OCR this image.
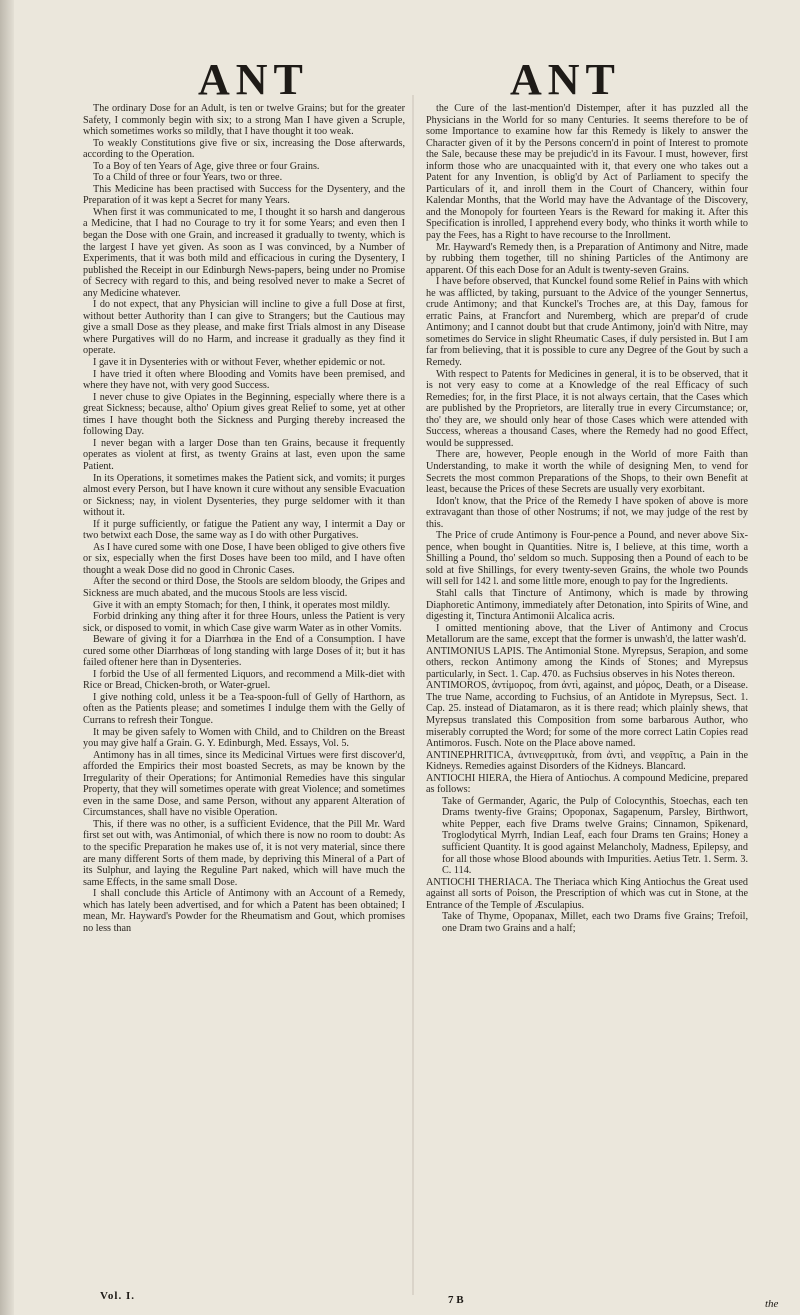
ANT	ANT

The ordinary Dose for an Adult, is ten or twelve Grains; but for the greater Safety, I commonly begin with six; to a strong Man I have given a Scruple, which sometimes works so mildly, that I have thought it too weak.

To weakly Constitutions give five or six, increasing the Dose afterwards, according to the Operation.

To a Boy of ten Years of Age, give three or four Grains.

To a Child of three or four Years, two or three.

This Medicine has been practised with Success for the Dysentery, and the Preparation of it was kept a Secret for many Years.

When first it was communicated to me, I thought it so harsh and dangerous a Medicine, that I had no Courage to try it for some Years; and even then I began the Dose with one Grain, and increased it gradually to twenty, which is the largest I have yet given. As soon as I was convinced, by a Number of Experiments, that it was both mild and efficacious in curing the Dysentery, I published the Receipt in our Edinburgh News-papers, being under no Promise of Secrecy with regard to this, and being resolved never to make a Secret of any Medicine whatever.

I do not expect, that any Physician will incline to give a full Dose at first, without better Authority than I can give to Strangers; but the Cautious may give a small Dose as they please, and make first Trials almost in any Disease where Purgatives will do no Harm, and increase it gradually as they find it operate.

I gave it in Dysenteries with or without Fever, whether epidemic or not.

I have tried it often where Blooding and Vomits have been premised, and where they have not, with very good Success.

I never chuse to give Opiates in the Beginning, especially where there is a great Sickness; because, altho' Opium gives great Relief to some, yet at other times I have thought both the Sickness and Purging thereby increased the following Day.

I never began with a larger Dose than ten Grains, because it frequently operates as violent at first, as twenty Grains at last, even upon the same Patient.

In its Operations, it sometimes makes the Patient sick, and vomits; it purges almost every Person, but I have known it cure without any sensible Evacuation or Sickness; nay, in violent Dysenteries, they purge seldomer with it than without it.

If it purge sufficiently, or fatigue the Patient any way, I intermit a Day or two betwixt each Dose, the same way as I do with other Purgatives.

As I have cured some with one Dose, I have been obliged to give others five or six, especially when the first Doses have been too mild, and I have often thought a weak Dose did no good in Chronic Cases.

After the second or third Dose, the Stools are seldom bloody, the Gripes and Sickness are much abated, and the mucous Stools are less viscid.

Give it with an empty Stomach; for then, I think, it operates most mildly.

Forbid drinking any thing after it for three Hours, unless the Patient is very sick, or disposed to vomit, in which Case give warm Water as in other Vomits.

Beware of giving it for a Diarrhœa in the End of a Consumption. I have cured some other Diarrhœas of long standing with large Doses of it; but it has failed oftener here than in Dysenteries.

I forbid the Use of all fermented Liquors, and recommend a Milk-diet with Rice or Bread, Chicken-broth, or Water-gruel.

I give nothing cold, unless it be a Tea-spoon-full of Gelly of Harthorn, as often as the Patients please; and sometimes I indulge them with the Gelly of Currans to refresh their Tongue.

It may be given safely to Women with Child, and to Children on the Breast you may give half a Grain. G. Y. Edinburgh, Med. Essays, Vol. 5.

Antimony has in all times, since its Medicinal Virtues were first discover'd, afforded the Empirics their most boasted Secrets, as may be known by the Irregularity of their Operations; for Antimonial Remedies have this singular Property, that they will sometimes operate with great Violence; and sometimes even in the same Dose, and same Person, without any apparent Alteration of Circumstances, shall have no visible Operation.

This, if there was no other, is a sufficient Evidence, that the Pill Mr. Ward first set out with, was Antimonial, of which there is now no room to doubt: As to the specific Preparation he makes use of, it is not very material, since there are many different Sorts of them made, by depriving this Mineral of a Part of its Sulphur, and laying the Reguline Part naked, which will have much the same Effects, in the same small Dose.

I shall conclude this Article of Antimony with an Account of a Remedy, which has lately been advertised, and for which a Patent has been obtained; I mean, Mr. Hayward's Powder for the Rheumatism and Gout, which promises no less than

the Cure of the last-mention'd Distemper, after it has puzzled all the Physicians in the World for so many Centuries. It seems therefore to be of some Importance to examine how far this Remedy is likely to answer the Character given of it by the Persons concern'd in point of Interest to promote the Sale, because these may be prejudic'd in its Favour. I must, however, first inform those who are unacquainted with it, that every one who takes out a Patent for any Invention, is oblig'd by Act of Parliament to specify the Particulars of it, and inroll them in the Court of Chancery, within four Kalendar Months, that the World may have the Advantage of the Discovery, and the Monopoly for fourteen Years is the Reward for making it. After this Specification is inrolled, I apprehend every body, who thinks it worth while to pay the Fees, has a Right to have recourse to the Inrollment.

Mr. Hayward's Remedy then, is a Preparation of Antimony and Nitre, made by rubbing them together, till no shining Particles of the Antimony are apparent. Of this each Dose for an Adult is twenty-seven Grains.

I have before observed, that Kunckel found some Relief in Pains with which he was afflicted, by taking, pursuant to the Advice of the younger Sennertus, crude Antimony; and that Kunckel's Troches are, at this Day, famous for erratic Pains, at Francfort and Nuremberg, which are prepar'd of crude Antimony; and I cannot doubt but that crude Antimony, join'd with Nitre, may sometimes do Service in slight Rheumatic Cases, if duly persisted in. But I am far from believing, that it is possible to cure any Degree of the Gout by such a Remedy.

With respect to Patents for Medicines in general, it is to be observed, that it is not very easy to come at a Knowledge of the real Efficacy of such Remedies; for, in the first Place, it is not always certain, that the Cases which are published by the Proprietors, are literally true in every Circumstance; or, tho' they are, we should only hear of those Cases which were attended with Success, whereas a thousand Cases, where the Remedy had no good Effect, would be suppressed.

There are, however, People enough in the World of more Faith than Understanding, to make it worth the while of designing Men, to vend for Secrets the most common Preparations of the Shops, to their own Benefit at least, because the Prices of these Secrets are usually very exorbitant.

Idon't know, that the Price of the Remedy I have spoken of above is more extravagant than those of other Nostrums; if not, we may judge of the rest by this.

The Price of crude Antimony is Four-pence a Pound, and never above Six-pence, when bought in Quantities. Nitre is, I believe, at this time, worth a Shilling a Pound, tho' seldom so much. Supposing then a Pound of each to be sold at five Shillings, for every twenty-seven Grains, the whole two Pounds will sell for 142 l. and some little more, enough to pay for the Ingredients.

Stahl calls that Tincture of Antimony, which is made by throwing Diaphoretic Antimony, immediately after Detonation, into Spirits of Wine, and digesting it, Tinctura Antimonii Alcalica acris.

I omitted mentioning above, that the Liver of Antimony and Crocus Metallorum are the same, except that the former is unwash'd, the latter wash'd.

ANTIMONIUS LAPIS. The Antimonial Stone. Myrepsus, Serapion, and some others, reckon Antimony among the Kinds of Stones; and Myrepsus particularly, in Sect. 1. Cap. 470. as Fuchsius observes in his Notes thereon.

ANTIMOROS, ἀντίμορος, from ἀντὶ, against, and μόρος, Death, or a Disease. The true Name, according to Fuchsius, of an Antidote in Myrepsus, Sect. 1. Cap. 25. instead of Diatamaron, as it is there read; which plainly shews, that Myrepsus translated this Composition from some barbarous Author, who miserably corrupted the Word; for some of the more correct Latin Copies read Antimoros. Fusch. Note on the Place above named.

ANTINEPHRITICA, ἀντινεφριτικὰ, from ἀντὶ, and νεφρῖτις, a Pain in the Kidneys. Remedies against Disorders of the Kidneys. Blancard.

ANTIOCHI HIERA, the Hiera of Antiochus. A compound Medicine, prepared as follows:

Take of Germander, Agaric, the Pulp of Colocynthis, Stoechas, each ten Drams twenty-five Grains; Opoponax, Sagapenum, Parsley, Birthwort, white Pepper, each five Drams twelve Grains; Cinnamon, Spikenard, Troglodytical Myrrh, Indian Leaf, each four Drams ten Grains; Honey a sufficient Quantity. It is good against Melancholy, Madness, Epilepsy, and for all those whose Blood abounds with Impurities. Aetius Tetr. 1. Serm. 3. C. 114.

ANTIOCHI THERIACA. The Theriaca which King Antiochus the Great used against all sorts of Poison, the Prescription of which was cut in Stone, at the Entrance of the Temple of Æsculapius.

Take of Thyme, Opopanax, Millet, each two Drams five Grains; Trefoil, one Dram two Grains and a half;

Vol. I.	7 B	the
